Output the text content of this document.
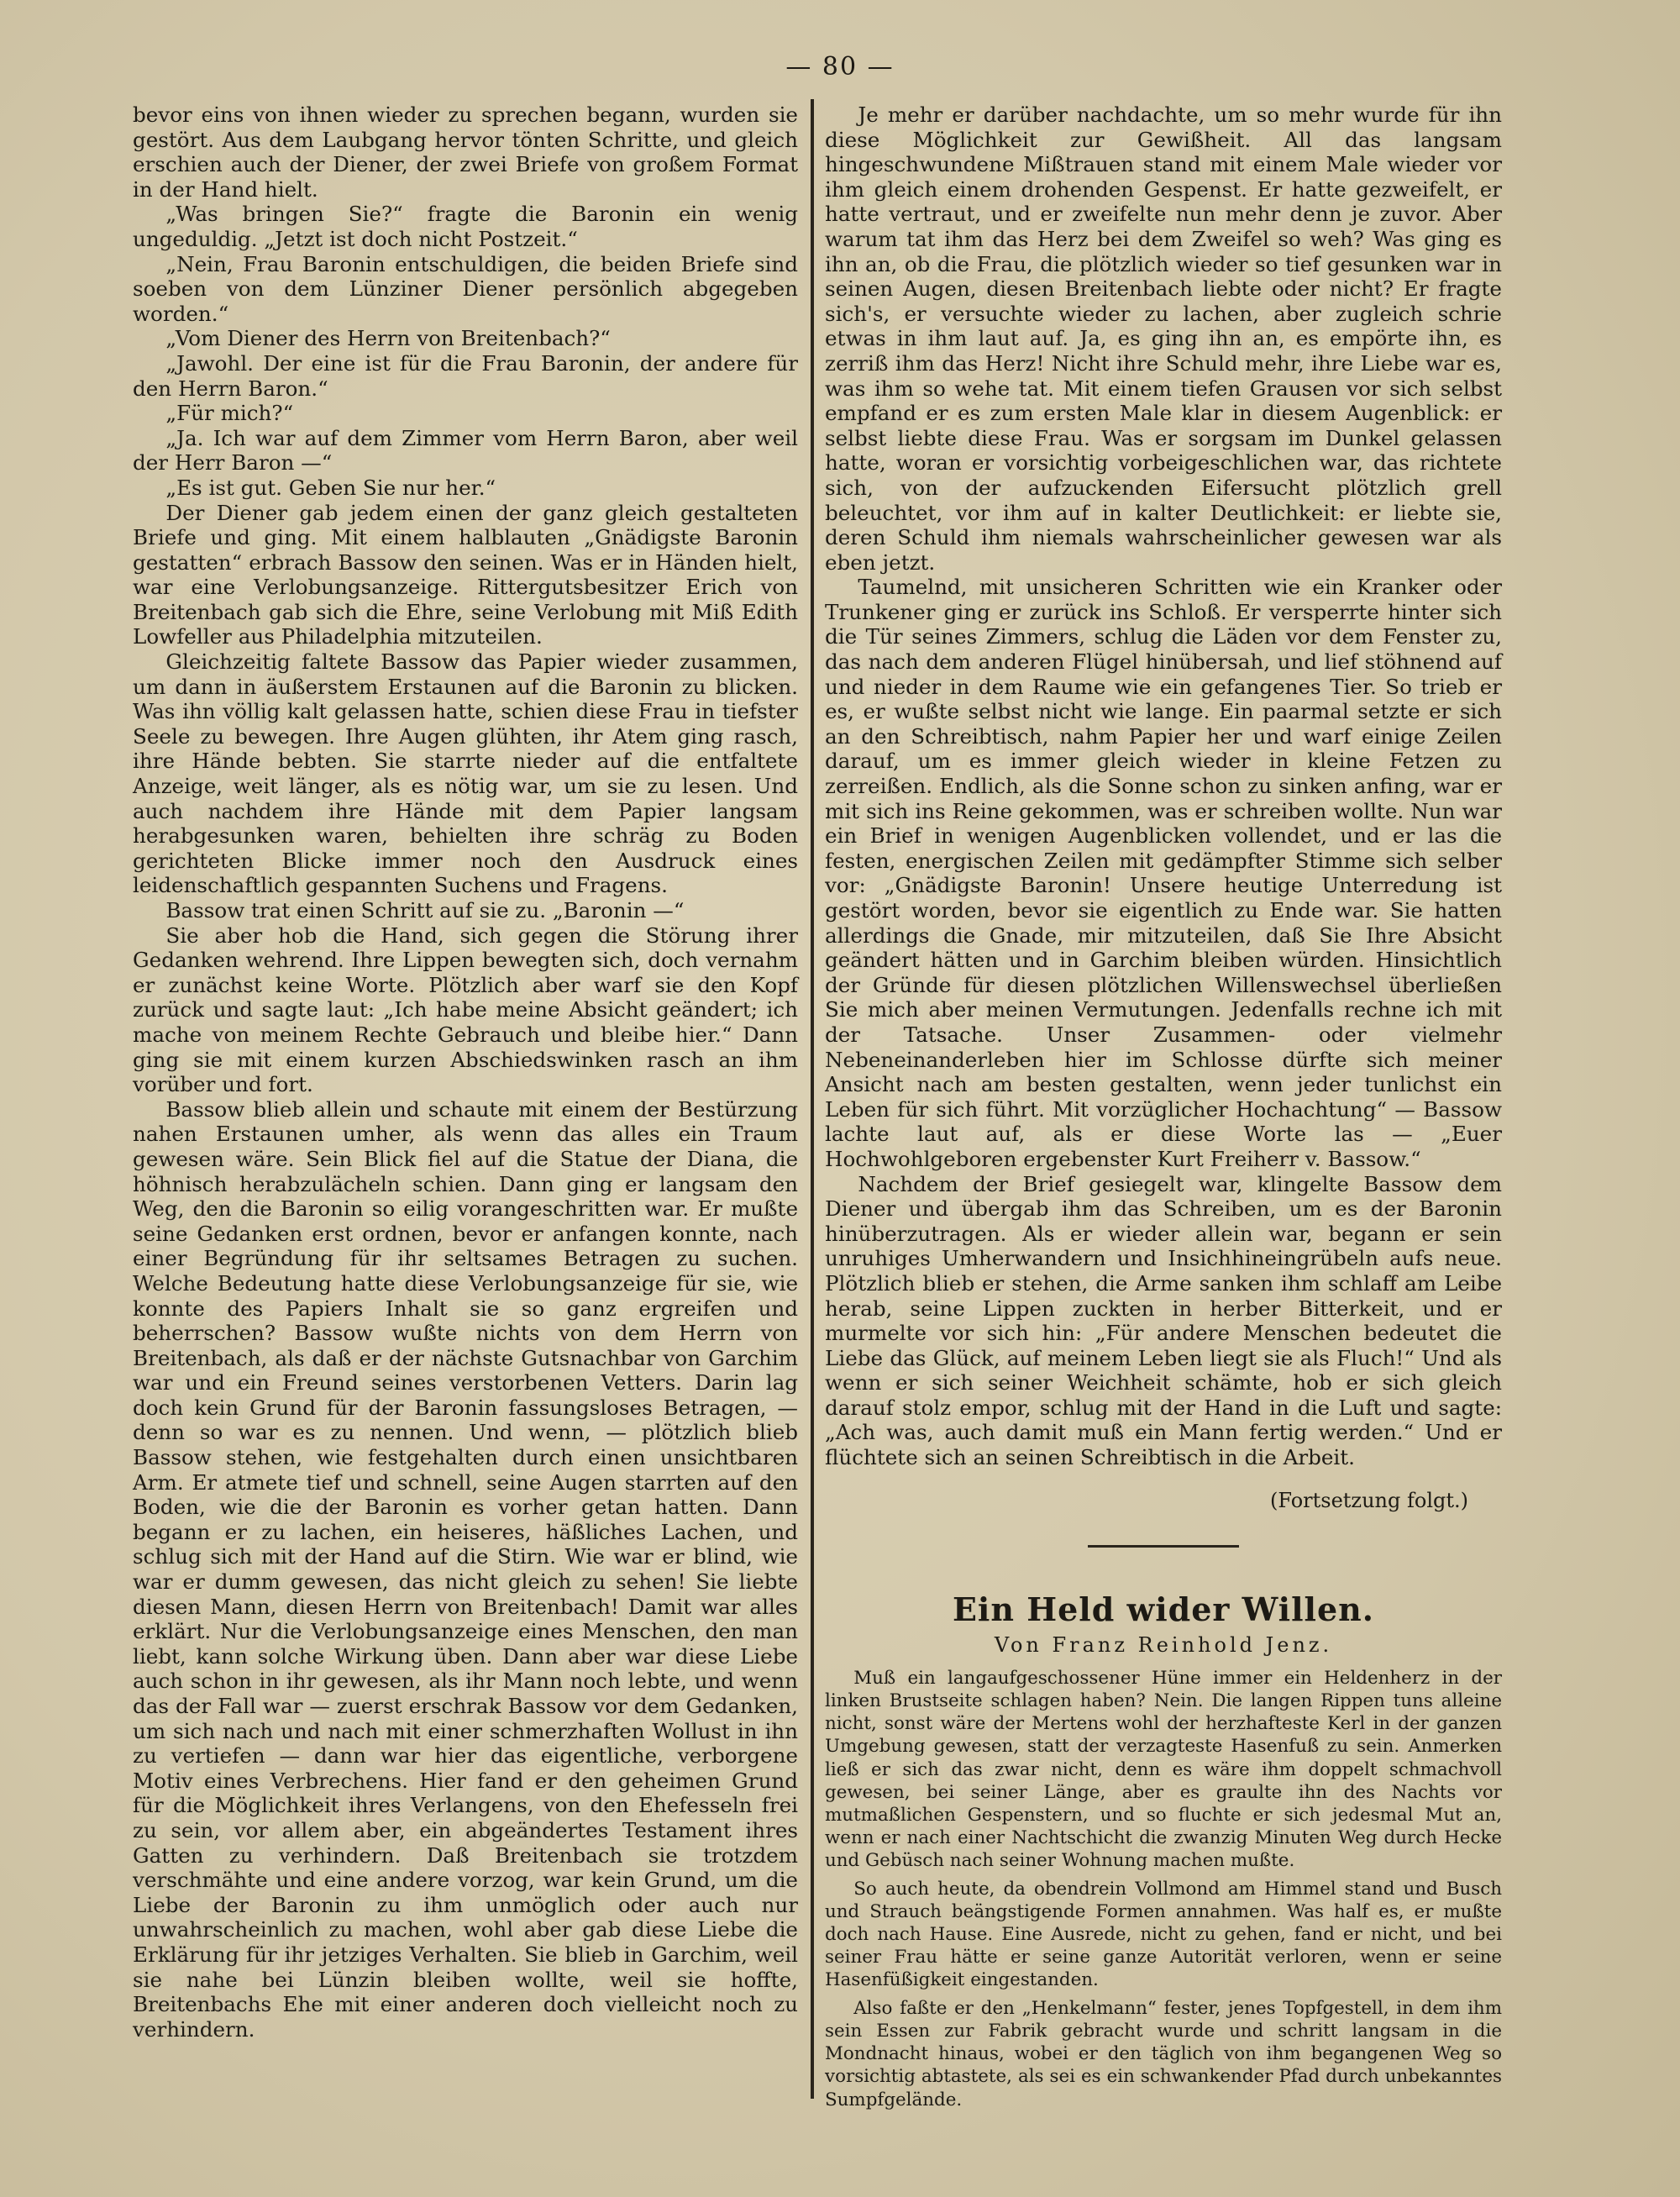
— 80 —

bevor eins von ihnen wieder zu sprechen begann, wurden sie gestört. Aus dem Laubgang hervor tönten Schritte, und gleich erschien auch der Diener, der zwei Briefe von großem Format in der Hand hielt.

„Was bringen Sie?“ fragte die Baronin ein wenig ungeduldig. „Jetzt ist doch nicht Postzeit.“

„Nein, Frau Baronin entschuldigen, die beiden Briefe sind soeben von dem Lünziner Diener persönlich abgegeben worden.“

„Vom Diener des Herrn von Breitenbach?“

„Jawohl. Der eine ist für die Frau Baronin, der andere für den Herrn Baron.“

„Für mich?“

„Ja. Ich war auf dem Zimmer vom Herrn Baron, aber weil der Herr Baron —“

„Es ist gut. Geben Sie nur her.“

Der Diener gab jedem einen der ganz gleich gestalteten Briefe und ging. Mit einem halblauten „Gnädigste Baronin gestatten“ erbrach Bassow den seinen. Was er in Händen hielt, war eine Verlobungsanzeige. Rittergutsbesitzer Erich von Breitenbach gab sich die Ehre, seine Verlobung mit Miß Edith Lowfeller aus Philadelphia mitzuteilen.

Gleichzeitig faltete Bassow das Papier wieder zusammen, um dann in äußerstem Erstaunen auf die Baronin zu blicken. Was ihn völlig kalt gelassen hatte, schien diese Frau in tiefster Seele zu bewegen. Ihre Augen glühten, ihr Atem ging rasch, ihre Hände bebten. Sie starrte nieder auf die entfaltete Anzeige, weit länger, als es nötig war, um sie zu lesen. Und auch nachdem ihre Hände mit dem Papier langsam herabgesunken waren, behielten ihre schräg zu Boden gerichteten Blicke immer noch den Ausdruck eines leidenschaftlich gespannten Suchens und Fragens.

Bassow trat einen Schritt auf sie zu. „Baronin —“

Sie aber hob die Hand, sich gegen die Störung ihrer Gedanken wehrend. Ihre Lippen bewegten sich, doch vernahm er zunächst keine Worte. Plötzlich aber warf sie den Kopf zurück und sagte laut: „Ich habe meine Absicht geändert; ich mache von meinem Rechte Gebrauch und bleibe hier.“ Dann ging sie mit einem kurzen Abschiedswinken rasch an ihm vorüber und fort.

Bassow blieb allein und schaute mit einem der Bestürzung nahen Erstaunen umher, als wenn das alles ein Traum gewesen wäre. Sein Blick fiel auf die Statue der Diana, die höhnisch herabzulächeln schien. Dann ging er langsam den Weg, den die Baronin so eilig vorangeschritten war. Er mußte seine Gedanken erst ordnen, bevor er anfangen konnte, nach einer Begründung für ihr seltsames Betragen zu suchen. Welche Bedeutung hatte diese Verlobungsanzeige für sie, wie konnte des Papiers Inhalt sie so ganz ergreifen und beherrschen? Bassow wußte nichts von dem Herrn von Breitenbach, als daß er der nächste Gutsnachbar von Garchim war und ein Freund seines verstorbenen Vetters. Darin lag doch kein Grund für der Baronin fassungsloses Betragen, — denn so war es zu nennen. Und wenn, — plötzlich blieb Bassow stehen, wie festgehalten durch einen unsichtbaren Arm. Er atmete tief und schnell, seine Augen starrten auf den Boden, wie die der Baronin es vorher getan hatten. Dann begann er zu lachen, ein heiseres, häßliches Lachen, und schlug sich mit der Hand auf die Stirn. Wie war er blind, wie war er dumm gewesen, das nicht gleich zu sehen! Sie liebte diesen Mann, diesen Herrn von Breitenbach! Damit war alles erklärt. Nur die Verlobungsanzeige eines Menschen, den man liebt, kann solche Wirkung üben. Dann aber war diese Liebe auch schon in ihr gewesen, als ihr Mann noch lebte, und wenn das der Fall war — zuerst erschrak Bassow vor dem Gedanken, um sich nach und nach mit einer schmerzhaften Wollust in ihn zu vertiefen — dann war hier das eigentliche, verborgene Motiv eines Verbrechens. Hier fand er den geheimen Grund für die Möglichkeit ihres Verlangens, von den Ehefesseln frei zu sein, vor allem aber, ein abgeändertes Testament ihres Gatten zu verhindern. Daß Breitenbach sie trotzdem verschmähte und eine andere vorzog, war kein Grund, um die Liebe der Baronin zu ihm unmöglich oder auch nur unwahrscheinlich zu machen, wohl aber gab diese Liebe die Erklärung für ihr jetziges Verhalten. Sie blieb in Garchim, weil sie nahe bei Lünzin bleiben wollte, weil sie hoffte, Breitenbachs Ehe mit einer anderen doch vielleicht noch zu verhindern.

Je mehr er darüber nachdachte, um so mehr wurde für ihn diese Möglichkeit zur Gewißheit. All das langsam hingeschwundene Mißtrauen stand mit einem Male wieder vor ihm gleich einem drohenden Gespenst. Er hatte gezweifelt, er hatte vertraut, und er zweifelte nun mehr denn je zuvor. Aber warum tat ihm das Herz bei dem Zweifel so weh? Was ging es ihn an, ob die Frau, die plötzlich wieder so tief gesunken war in seinen Augen, diesen Breitenbach liebte oder nicht? Er fragte sich's, er versuchte wieder zu lachen, aber zugleich schrie etwas in ihm laut auf. Ja, es ging ihn an, es empörte ihn, es zerriß ihm das Herz! Nicht ihre Schuld mehr, ihre Liebe war es, was ihm so wehe tat. Mit einem tiefen Grausen vor sich selbst empfand er es zum ersten Male klar in diesem Augenblick: er selbst liebte diese Frau. Was er sorgsam im Dunkel gelassen hatte, woran er vorsichtig vorbeigeschlichen war, das richtete sich, von der aufzuckenden Eifersucht plötzlich grell beleuchtet, vor ihm auf in kalter Deutlichkeit: er liebte sie, deren Schuld ihm niemals wahrscheinlicher gewesen war als eben jetzt.

Taumelnd, mit unsicheren Schritten wie ein Kranker oder Trunkener ging er zurück ins Schloß. Er versperrte hinter sich die Tür seines Zimmers, schlug die Läden vor dem Fenster zu, das nach dem anderen Flügel hinübersah, und lief stöhnend auf und nieder in dem Raume wie ein gefangenes Tier. So trieb er es, er wußte selbst nicht wie lange. Ein paarmal setzte er sich an den Schreibtisch, nahm Papier her und warf einige Zeilen darauf, um es immer gleich wieder in kleine Fetzen zu zerreißen. Endlich, als die Sonne schon zu sinken anfing, war er mit sich ins Reine gekommen, was er schreiben wollte. Nun war ein Brief in wenigen Augenblicken vollendet, und er las die festen, energischen Zeilen mit gedämpfter Stimme sich selber vor: „Gnädigste Baronin! Unsere heutige Unterredung ist gestört worden, bevor sie eigentlich zu Ende war. Sie hatten allerdings die Gnade, mir mitzuteilen, daß Sie Ihre Absicht geändert hätten und in Garchim bleiben würden. Hinsichtlich der Gründe für diesen plötzlichen Willenswechsel überließen Sie mich aber meinen Vermutungen. Jedenfalls rechne ich mit der Tatsache. Unser Zusammen- oder vielmehr Nebeneinanderleben hier im Schlosse dürfte sich meiner Ansicht nach am besten gestalten, wenn jeder tunlichst ein Leben für sich führt. Mit vorzüglicher Hochachtung“ — Bassow lachte laut auf, als er diese Worte las — „Euer Hochwohlgeboren ergebenster Kurt Freiherr v. Bassow.“

Nachdem der Brief gesiegelt war, klingelte Bassow dem Diener und übergab ihm das Schreiben, um es der Baronin hinüberzutragen. Als er wieder allein war, begann er sein unruhiges Umherwandern und Insichhineingrübeln aufs neue. Plötzlich blieb er stehen, die Arme sanken ihm schlaff am Leibe herab, seine Lippen zuckten in herber Bitterkeit, und er murmelte vor sich hin: „Für andere Menschen bedeutet die Liebe das Glück, auf meinem Leben liegt sie als Fluch!“ Und als wenn er sich seiner Weichheit schämte, hob er sich gleich darauf stolz empor, schlug mit der Hand in die Luft und sagte: „Ach was, auch damit muß ein Mann fertig werden.“ Und er flüchtete sich an seinen Schreibtisch in die Arbeit.

(Fortsetzung folgt.)

Ein Held wider Willen.
Von Franz Reinhold Jenz.

Muß ein langaufgeschossener Hüne immer ein Heldenherz in der linken Brustseite schlagen haben? Nein. Die langen Rippen tuns alleine nicht, sonst wäre der Mertens wohl der herzhafteste Kerl in der ganzen Umgebung gewesen, statt der verzagteste Hasenfuß zu sein. Anmerken ließ er sich das zwar nicht, denn es wäre ihm doppelt schmachvoll gewesen, bei seiner Länge, aber es graulte ihn des Nachts vor mutmaßlichen Gespenstern, und so fluchte er sich jedesmal Mut an, wenn er nach einer Nachtschicht die zwanzig Minuten Weg durch Hecke und Gebüsch nach seiner Wohnung machen mußte.

So auch heute, da obendrein Vollmond am Himmel stand und Busch und Strauch beängstigende Formen annahmen. Was half es, er mußte doch nach Hause. Eine Ausrede, nicht zu gehen, fand er nicht, und bei seiner Frau hätte er seine ganze Autorität verloren, wenn er seine Hasenfüßigkeit eingestanden.

Also faßte er den „Henkelmann“ fester, jenes Topfgestell, in dem ihm sein Essen zur Fabrik gebracht wurde und schritt langsam in die Mondnacht hinaus, wobei er den täglich von ihm begangenen Weg so vorsichtig abtastete, als sei es ein schwankender Pfad durch unbekanntes Sumpfgelände.
